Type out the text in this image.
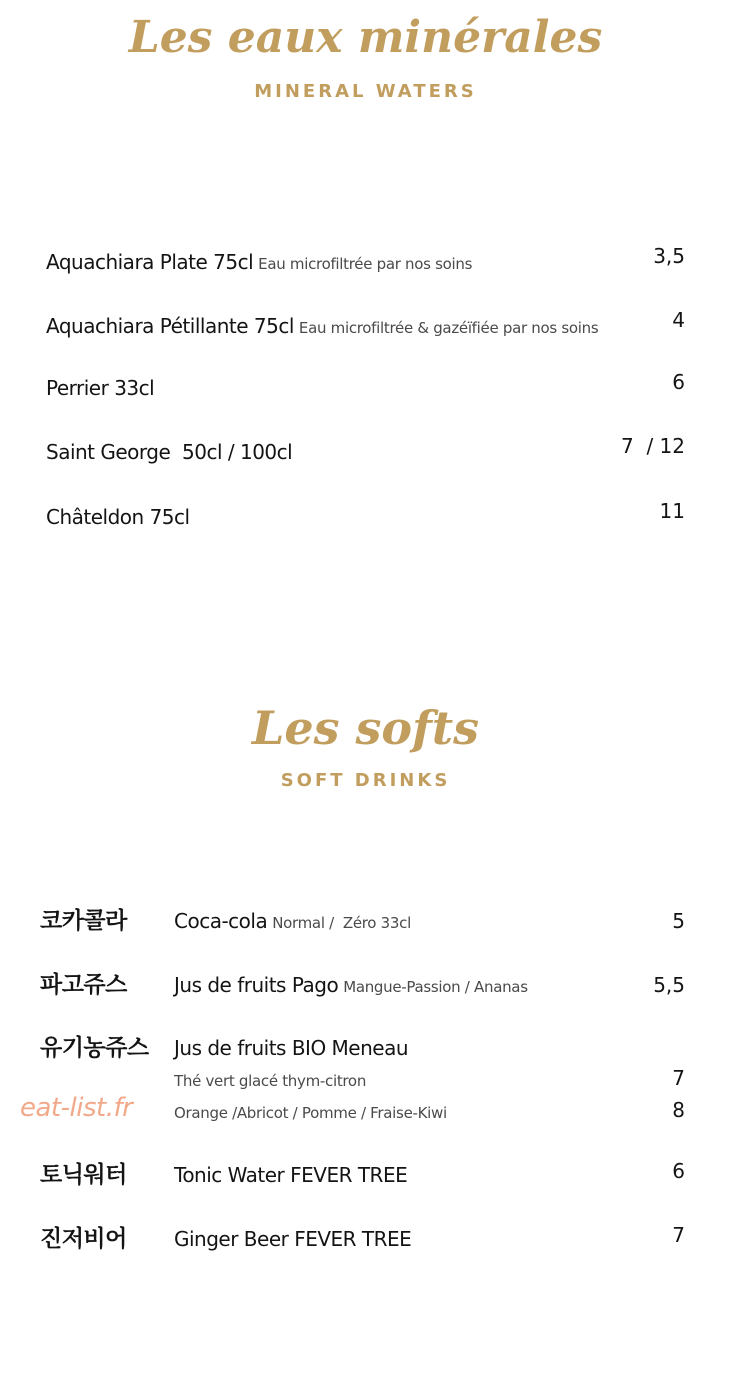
Les eaux minérales
MINERAL WATERS
Aquachiara Plate 75cl Eau microfiltrée par nos soins	3,5
Aquachiara Pétillante 75cl Eau microfiltrée & gazéïfiée par nos soins	4
Perrier 33cl	6
Saint George  50cl / 100cl	7  / 12
Châteldon 75cl	11
Les softs
SOFT DRINKS
코카콜라 Coca-cola Normal /  Zéro 33cl	5
파고쥬스 Jus de fruits Pago Mangue-Passion / Ananas	5,5
유기농쥬스 Jus de fruits BIO Meneau
Thé vert glacé thym-citron	7
Orange /Abricot / Pomme / Fraise-Kiwi	8
토닉워터 Tonic Water FEVER TREE	6
진저비어 Ginger Beer FEVER TREE	7
eat-list.fr
